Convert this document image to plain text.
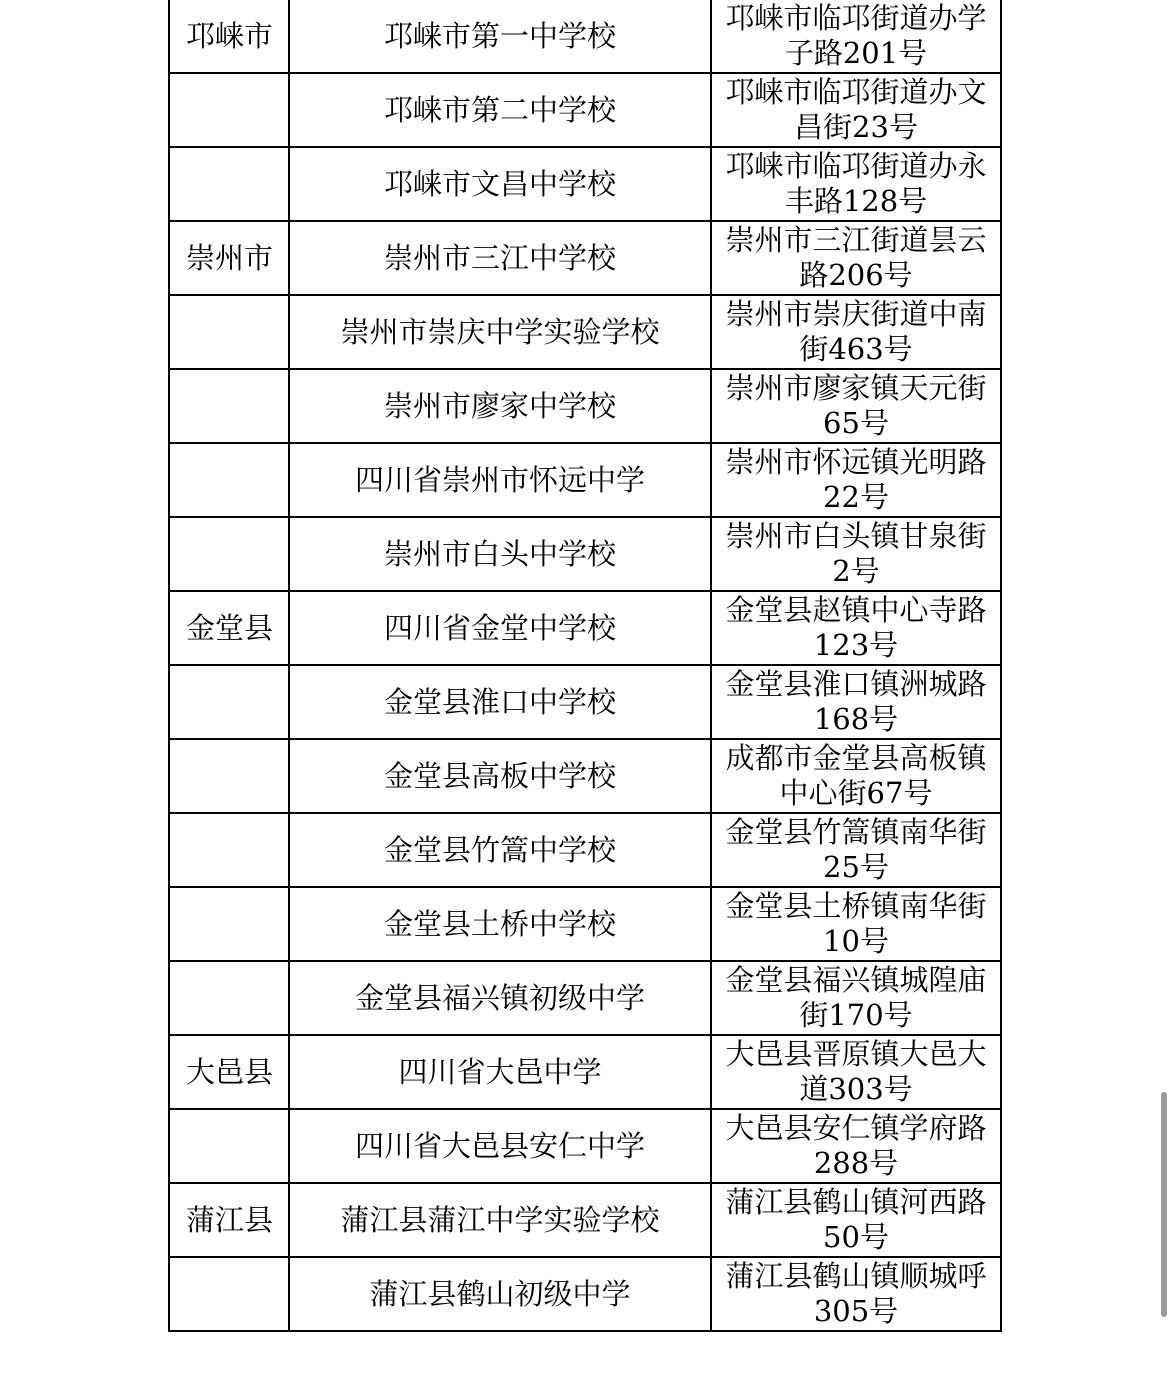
邛崃市	邛崃市第一中学校	邛崃市临邛街道办学子路201号
	邛崃市第二中学校	邛崃市临邛街道办文昌街23号
	邛崃市文昌中学校	邛崃市临邛街道办永丰路128号
崇州市	崇州市三江中学校	崇州市三江街道昙云路206号
	崇州市崇庆中学实验学校	崇州市崇庆街道中南街463号
	崇州市廖家中学校	崇州市廖家镇天元街65号
	四川省崇州市怀远中学	崇州市怀远镇光明路22号
	崇州市白头中学校	崇州市白头镇甘泉街2号
金堂县	四川省金堂中学校	金堂县赵镇中心寺路123号
	金堂县淮口中学校	金堂县淮口镇洲城路168号
	金堂县高板中学校	成都市金堂县高板镇中心街67号
	金堂县竹篙中学校	金堂县竹篙镇南华街25号
	金堂县土桥中学校	金堂县土桥镇南华街10号
	金堂县福兴镇初级中学	金堂县福兴镇城隍庙街170号
大邑县	四川省大邑中学	大邑县晋原镇大邑大道303号
	四川省大邑县安仁中学	大邑县安仁镇学府路288号
蒲江县	蒲江县蒲江中学实验学校	蒲江县鹤山镇河西路50号
	蒲江县鹤山初级中学	蒲江县鹤山镇顺城呼305号
